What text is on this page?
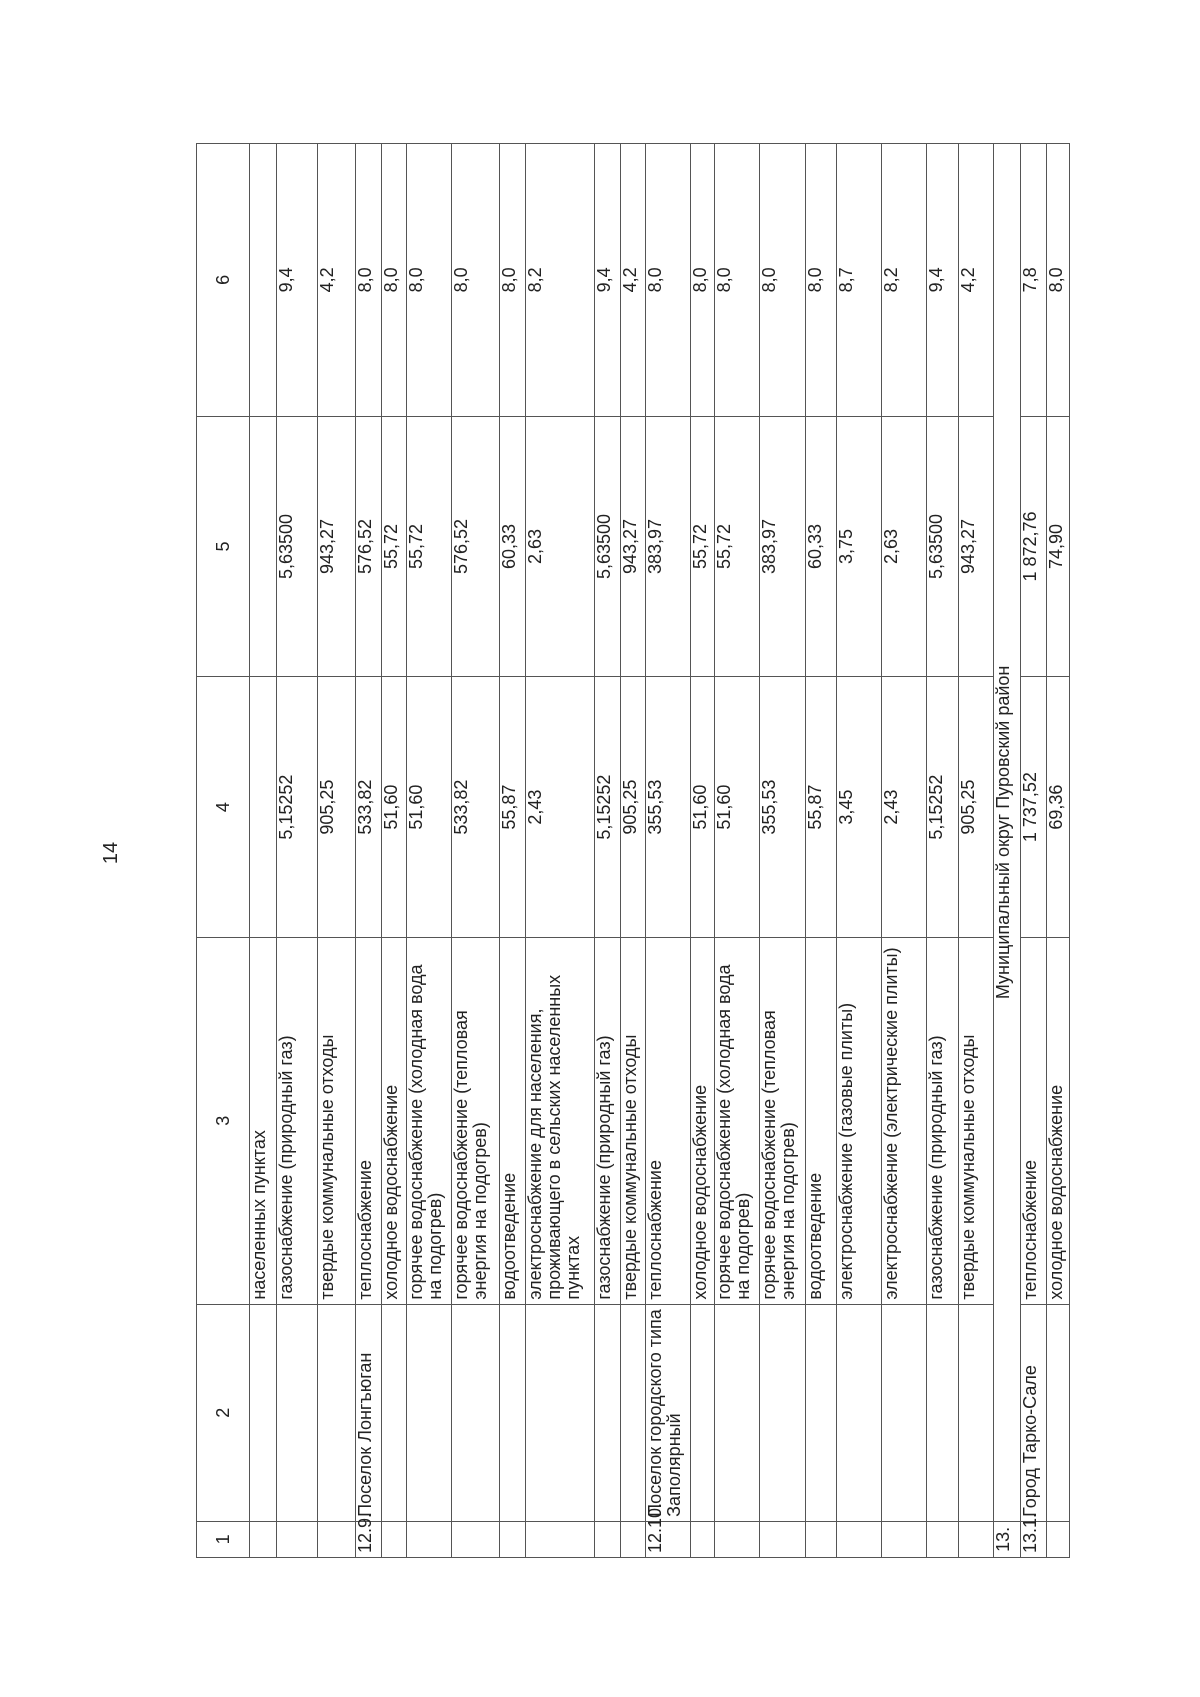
14
1	2	3	4	5	6
		населенных пунктах			
		газоснабжение (природный газ)	5,15252	5,63500	9,4
		твердые коммунальные отходы	905,25	943,27	4,2
12.9.	Поселок Лонгъюган	теплоснабжение	533,82	576,52	8,0
		холодное водоснабжение	51,60	55,72	8,0
		горячее водоснабжение (холодная вода на подогрев)	51,60	55,72	8,0
		горячее водоснабжение (тепловая энергия на подогрев)	533,82	576,52	8,0
		водоотведение	55,87	60,33	8,0
		электроснабжение для населения, проживающего в сельских населенных пунктах	2,43	2,63	8,2
		газоснабжение (природный газ)	5,15252	5,63500	9,4
		твердые коммунальные отходы	905,25	943,27	4,2
12.10.	Поселок городского типа Заполярный	теплоснабжение	355,53	383,97	8,0
		холодное водоснабжение	51,60	55,72	8,0
		горячее водоснабжение (холодная вода на подогрев)	51,60	55,72	8,0
		горячее водоснабжение (тепловая энергия на подогрев)	355,53	383,97	8,0
		водоотведение	55,87	60,33	8,0
		электроснабжение (газовые плиты)	3,45	3,75	8,7
		электроснабжение (электрические плиты)	2,43	2,63	8,2
		газоснабжение (природный газ)	5,15252	5,63500	9,4
		твердые коммунальные отходы	905,25	943,27	4,2
13.	Муниципальный округ Пуровский район				
13.1.	Город Тарко-Сале	теплоснабжение	1 737,52	1 872,76	7,8
		холодное водоснабжение	69,36	74,90	8,0
